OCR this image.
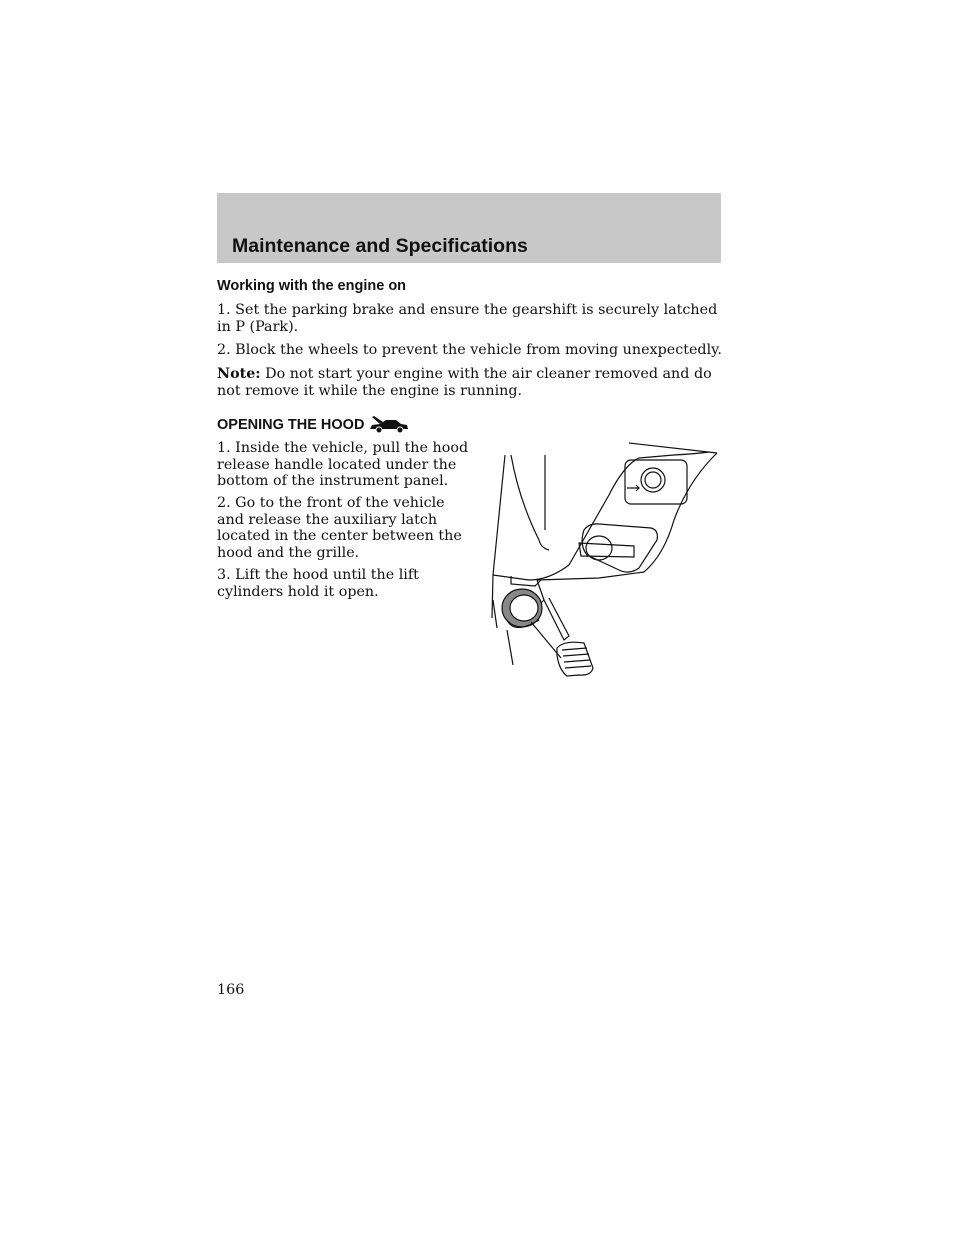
Maintenance and Specifications
Working with the engine on

1. Set the parking brake and ensure the gearshift is securely latched in P (Park).

2. Block the wheels to prevent the vehicle from moving unexpectedly.

Note: Do not start your engine with the air cleaner removed and do not remove it while the engine is running.

OPENING THE HOOD

1. Inside the vehicle, pull the hood release handle located under the bottom of the instrument panel.

2. Go to the front of the vehicle and release the auxiliary latch located in the center between the hood and the grille.

3. Lift the hood until the lift cylinders hold it open.

166
